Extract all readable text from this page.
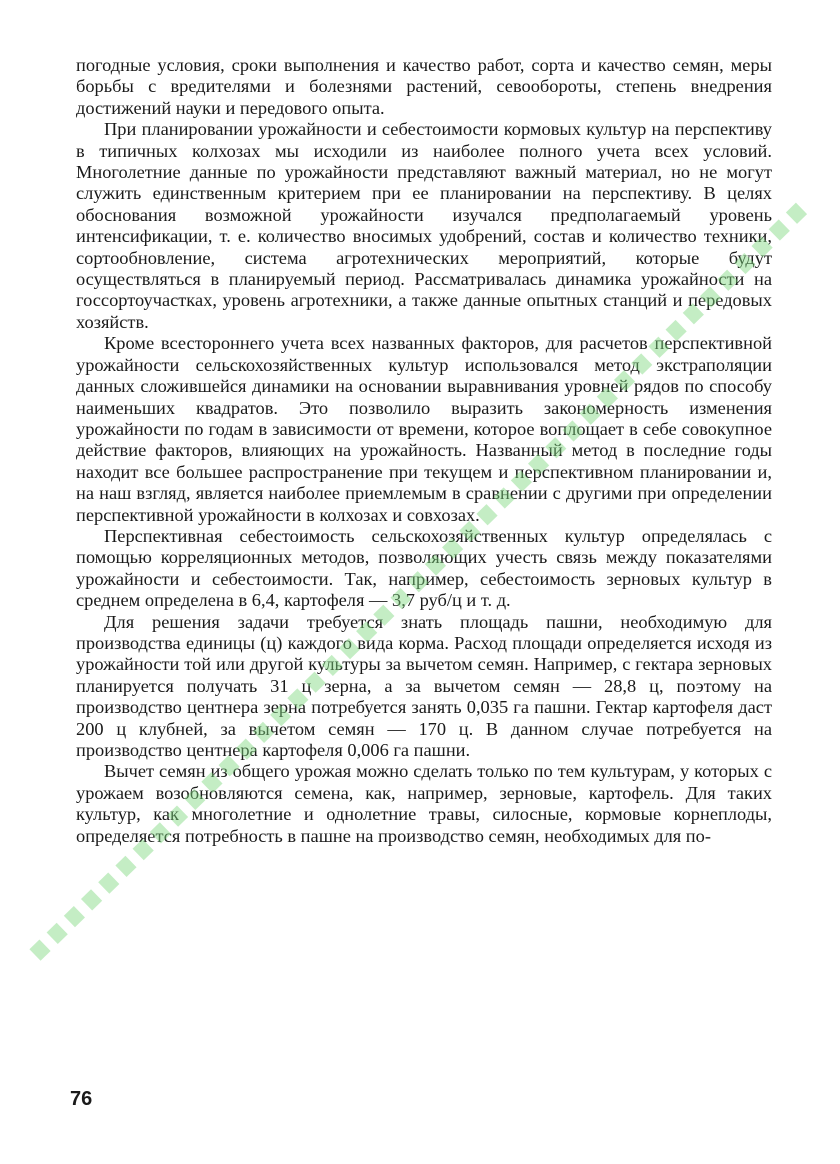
погодные условия, сроки выполнения и качество работ, сорта и качество семян, меры борьбы с вредителями и болезнями растений, севообороты, степень внедрения достижений науки и передового опыта.

При планировании урожайности и себестоимости кормовых культур на перспективу в типичных колхозах мы исходили из наиболее полного учета всех условий. Многолетние данные по урожайности представляют важный материал, но не могут служить единственным критерием при ее планировании на перспективу. В целях обоснования возможной урожайности изучался предполагаемый уровень интенсификации, т. е. количество вносимых удобрений, состав и количество техники, сортообновление, система агротехнических мероприятий, которые будут осуществляться в планируемый период. Рассматривалась динамика урожайности на госсортоучастках, уровень агротехники, а также данные опытных станций и передовых хозяйств.

Кроме всестороннего учета всех названных факторов, для расчетов перспективной урожайности сельскохозяйственных культур использовался метод экстраполяции данных сложившейся динамики на основании выравнивания уровней рядов по способу наименьших квадратов. Это позволило выразить закономерность изменения урожайности по годам в зависимости от времени, которое воплощает в себе совокупное действие факторов, влияющих на урожайность. Названный метод в последние годы находит все большее распространение при текущем и перспективном планировании и, на наш взгляд, является наиболее приемлемым в сравнении с другими при определении перспективной урожайности в колхозах и совхозах.

Перспективная себестоимость сельскохозяйственных культур определялась с помощью корреляционных методов, позволяющих учесть связь между показателями урожайности и себестоимости. Так, например, себестоимость зерновых культур в среднем определена в 6,4, картофеля — 3,7 руб/ц и т. д.

Для решения задачи требуется знать площадь пашни, необходимую для производства единицы (ц) каждого вида корма. Расход площади определяется исходя из урожайности той или другой культуры за вычетом семян. Например, с гектара зерновых планируется получать 31 ц зерна, а за вычетом семян — 28,8 ц, поэтому на производство центнера зерна потребуется занять 0,035 га пашни. Гектар картофеля даст 200 ц клубней, за вычетом семян — 170 ц. В данном случае потребуется на производство центнера картофеля 0,006 га пашни.

Вычет семян из общего урожая можно сделать только по тем культурам, у которых с урожаем возобновляются семена, как, например, зерновые, картофель. Для таких культур, как многолетние и однолетние травы, силосные, кормовые корнеплоды, определяется потребность в пашне на производство семян, необходимых для по-

76
